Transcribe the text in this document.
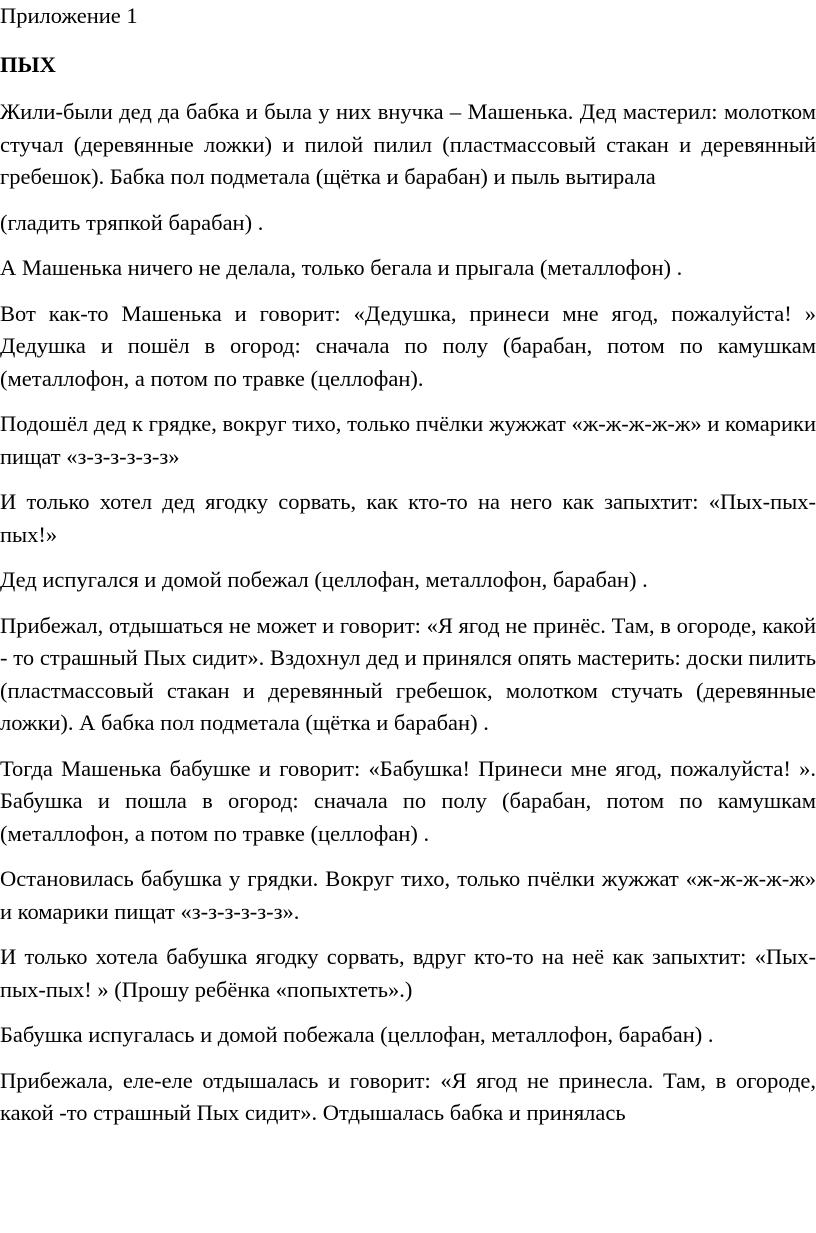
Приложение 1

ПЫХ

Жили-были дед да бабка и была у них внучка – Машенька. Дед мастерил: молотком стучал (деревянные ложки) и пилой пилил (пластмассовый стакан и деревянный гребешок). Бабка пол подметала (щётка и барабан) и пыль вытирала

(гладить тряпкой барабан) .

А Машенька ничего не делала, только бегала и прыгала (металлофон) .

Вот как-то Машенька и говорит: «Дедушка, принеси мне ягод, пожалуйста! » Дедушка и пошёл в огород: сначала по полу (барабан, потом по камушкам (металлофон, а потом по травке (целлофан).

Подошёл дед к грядке, вокруг тихо, только пчёлки жужжат «ж-ж-ж-ж-ж» и комарики пищат «з-з-з-з-з-з»

И только хотел дед ягодку сорвать, как кто-то на него как запыхтит: «Пых-пых-пых!»

Дед испугался и домой побежал (целлофан, металлофон, барабан) .

Прибежал, отдышаться не может и говорит: «Я ягод не принёс. Там, в огороде, какой - то страшный Пых сидит». Вздохнул дед и принялся опять мастерить: доски пилить (пластмассовый стакан и деревянный гребешок, молотком стучать (деревянные ложки). А бабка пол подметала (щётка и барабан) .

Тогда Машенька бабушке и говорит: «Бабушка! Принеси мне ягод, пожалуйста! ». Бабушка и пошла в огород: сначала по полу (барабан, потом по камушкам (металлофон, а потом по травке (целлофан) .

Остановилась бабушка у грядки. Вокруг тихо, только пчёлки жужжат «ж-ж-ж-ж-ж» и комарики пищат «з-з-з-з-з-з».

И только хотела бабушка ягодку сорвать, вдруг кто-то на неё как запыхтит: «Пых-пых-пых! » (Прошу ребёнка «попыхтеть».)

Бабушка испугалась и домой побежала (целлофан, металлофон, барабан) .

Прибежала, еле-еле отдышалась и говорит: «Я ягод не принесла. Там, в огороде, какой -то страшный Пых сидит». Отдышалась бабка и принялась
